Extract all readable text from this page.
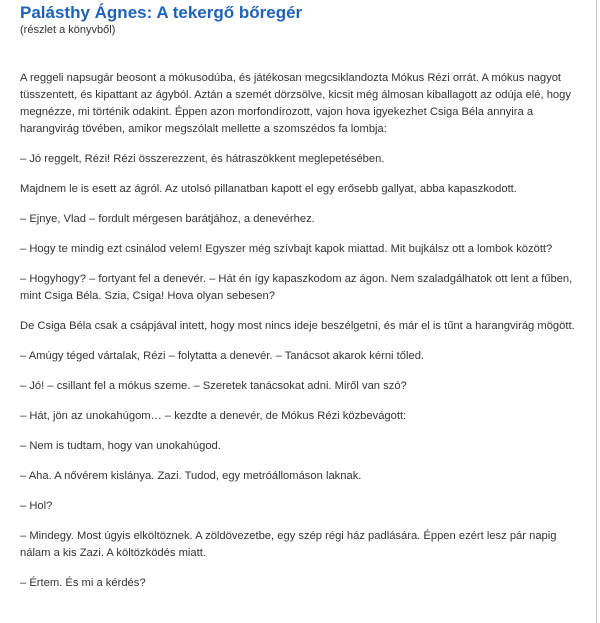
Palásthy Ágnes: A tekergő bőregér
(részlet a könyvből)

A reggeli napsugár beosont a mókusodúba, és játékosan megcsiklandozta Mókus Rézi orrát. A mókus nagyot tüsszentett, és kipattant az ágyból. Aztán a szemét dörzsölve, kicsit még álmosan kiballagott az odúja elé, hogy megnézze, mi történik odakint. Éppen azon morfondírozott, vajon hova igyekezhet Csiga Béla annyira a harangvirág tövében, amikor megszólalt mellette a szomszédos fa lombja:

– Jó reggelt, Rézi! Rézi összerezzent, és hátraszökkent meglepetésében.

Majdnem le is esett az ágról. Az utolsó pillanatban kapott el egy erősebb gallyat, abba kapaszkodott.

– Ejnye, Vlad – fordult mérgesen barátjához, a denevérhez.

– Hogy te mindig ezt csinálod velem! Egyszer még szívbajt kapok miattad. Mit bujkálsz ott a lombok között?

– Hogyhogy? – fortyant fel a denevér. – Hát én így kapaszkodom az ágon. Nem szaladgálhatok ott lent a fűben, mint Csiga Béla. Szia, Csiga! Hova olyan sebesen?

De Csiga Béla csak a csápjával intett, hogy most nincs ideje beszélgetni, és már el is tűnt a harangvirág mögött.

– Amúgy téged vártalak, Rézi – folytatta a denevér. – Tanácsot akarok kérni tőled.

– Jó! – csillant fel a mókus szeme. – Szeretek tanácsokat adni. Miről van szó?

– Hát, jön az unokahúgom… – kezdte a denevér, de Mókus Rézi közbevágott:

– Nem is tudtam, hogy van unokahúgod.

– Aha. A nővérem kislánya. Zazi. Tudod, egy metróállomáson laknak.

– Hol?

– Mindegy. Most úgyis elköltöznek. A zöldövezetbe, egy szép régi ház padlására. Éppen ezért lesz pár napig nálam a kis Zazi. A költözködés miatt.

– Értem. És mi a kérdés?
